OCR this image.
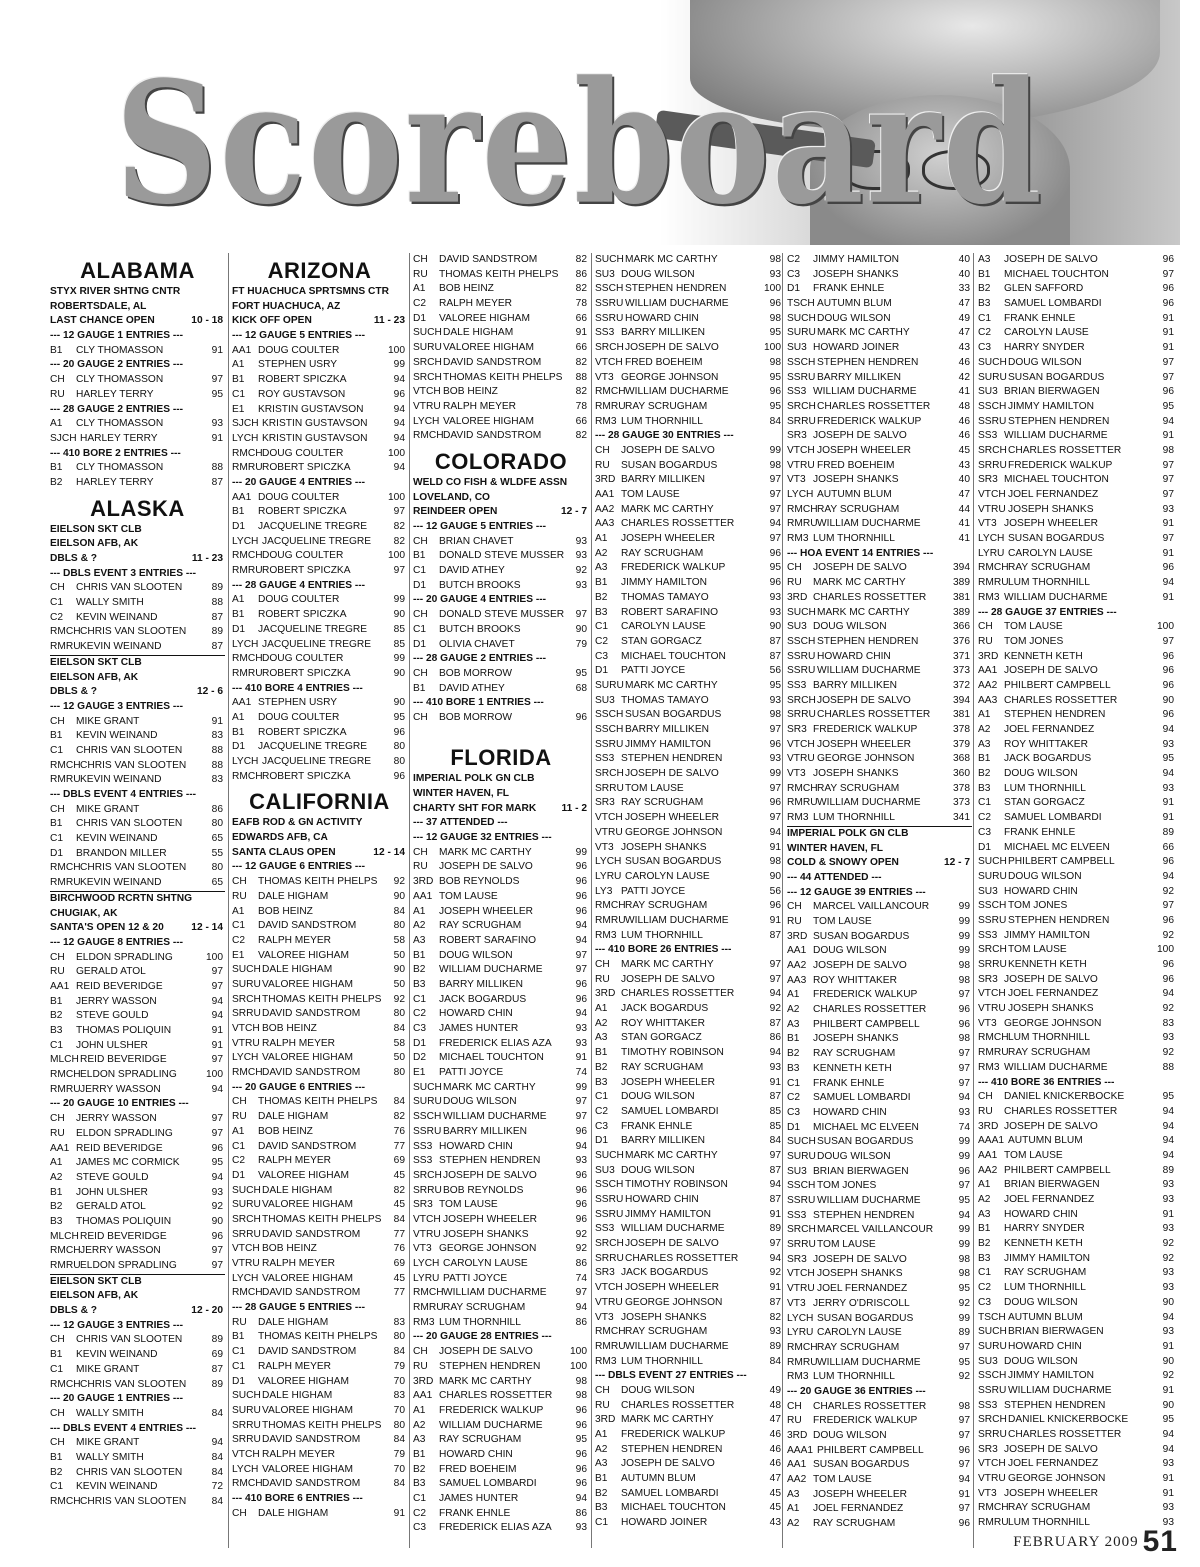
Scoreboard
ALABAMA
STYX RIVER SHTNG CNTR
ROBERTSDALE, AL
LAST CHANCE OPEN	10 - 18
--- 12 GAUGE 1 ENTRIES ---
B1 CLY THOMASSON	91
--- 20 GAUGE 2 ENTRIES ---
CH CLY THOMASSON	97
RU HARLEY TERRY	95
--- 28 GAUGE 2 ENTRIES ---
A1 CLY THOMASSON	93
SJCH HARLEY TERRY	91
--- 410 BORE 2 ENTRIES ---
B1 CLY THOMASSON	88
B2 HARLEY TERRY	87
ALASKA
EIELSON SKT CLB
EIELSON AFB, AK
DBLS & ?	11 - 23
--- DBLS EVENT 3 ENTRIES ---
CH CHRIS VAN SLOOTEN	89
C1 WALLY SMITH	88
C2 KEVIN WEINAND	87
RMCHCHRIS VAN SLOOTEN 89
RMRUKEVIN WEINAND	87
EIELSON SKT CLB
EIELSON AFB, AK
DBLS & ?	12 - 6
--- 12 GAUGE 3 ENTRIES ---
CH MIKE GRANT	91
B1 KEVIN WEINAND	83
C1 CHRIS VAN SLOOTEN	88
RMCHCHRIS VAN SLOOTEN 88
RMRUKEVIN WEINAND	83
--- DBLS EVENT 4 ENTRIES ---
CH MIKE GRANT	86
B1 CHRIS VAN SLOOTEN	80
C1 KEVIN WEINAND	65
D1 BRANDON MILLER	55
RMCHCHRIS VAN SLOOTEN 80
RMRUKEVIN WEINAND	65
BIRCHWOOD RCRTN SHTNG
CHUGIAK, AK
SANTA'S OPEN 12 & 20	12 - 14
--- 12 GAUGE 8 ENTRIES ---
CH ELDON SPRADLING	100
RU GERALD ATOL	97
AA1 REID BEVERIDGE	97
B1 JERRY WASSON	94
B2 STEVE GOULD	94
B3 THOMAS POLIQUIN	91
C1 JOHN ULSHER	91
MLCHREID BEVERIDGE	97
RMCHELDON SPRADLING	100
RMRUJERRY WASSON	94
--- 20 GAUGE 10 ENTRIES ---
CH JERRY WASSON	97
RU ELDON SPRADLING	97
AA1 REID BEVERIDGE	96
A1 JAMES MC CORMICK	95
A2 STEVE GOULD	94
B1 JOHN ULSHER	93
B2 GERALD ATOL	92
B3 THOMAS POLIQUIN	90
MLCHREID BEVERIDGE	96
RMCHJERRY WASSON	97
RMRUELDON SPRADLING	97
EIELSON SKT CLB
EIELSON AFB, AK
DBLS & ?	12 - 20
--- 12 GAUGE 3 ENTRIES ---
CH CHRIS VAN SLOOTEN	89
B1 KEVIN WEINAND	69
C1 MIKE GRANT	87
RMCHCHRIS VAN SLOOTEN 89
--- 20 GAUGE 1 ENTRIES ---
CH WALLY SMITH	84
--- DBLS EVENT 4 ENTRIES ---
CH MIKE GRANT	94
B1 WALLY SMITH	84
B2 CHRIS VAN SLOOTEN	84
C1 KEVIN WEINAND	72
RMCHCHRIS VAN SLOOTEN 84
ARIZONA
FT HUACHUCA SPRTSMNS CTR
FORT HUACHUCA, AZ
KICK OFF OPEN	11 - 23
--- 12 GAUGE 5 ENTRIES ---
AA1 DOUG COULTER	100
A1 STEPHEN USRY	99
B1 ROBERT SPICZKA	94
C1 ROY GUSTAVSON	96
E1 KRISTIN GUSTAVSON	94
SJCH KRISTIN GUSTAVSON	94
LYCH KRISTIN GUSTAVSON	94
RMCHDOUG COULTER	100
RMRUROBERT SPICZKA	94
--- 20 GAUGE 4 ENTRIES ---
AA1 DOUG COULTER	100
B1 ROBERT SPICZKA	97
D1 JACQUELINE TREGRE	82
LYCH JACQUELINE TREGRE 82
RMCHDOUG COULTER	100
RMRUROBERT SPICZKA	97
--- 28 GAUGE 4 ENTRIES ---
A1 DOUG COULTER	99
B1 ROBERT SPICZKA	90
D1 JACQUELINE TREGRE	85
LYCH JACQUELINE TREGRE 85
RMCHDOUG COULTER	99
RMRUROBERT SPICZKA	90
--- 410 BORE 4 ENTRIES ---
AA1 STEPHEN USRY	90
A1 DOUG COULTER	95
B1 ROBERT SPICZKA	96
D1 JACQUELINE TREGRE	80
LYCH JACQUELINE TREGRE 80
RMCHROBERT SPICZKA	96
CALIFORNIA
EAFB ROD & GN ACTIVITY
EDWARDS AFB, CA
SANTA CLAUS OPEN	12 - 14
--- 12 GAUGE 6 ENTRIES ---
CH THOMAS KEITH PHELPS 92
RU DALE HIGHAM	90
A1 BOB HEINZ	84
C1 DAVID SANDSTROM	80
C2 RALPH MEYER	58
E1 VALOREE HIGHAM	50
SUCHDALE HIGHAM	90
SURUVALOREE HIGHAM	50
SRCHTHOMAS KEITH PHELPS 92
SRRUDAVID SANDSTROM	80
VTCH BOB HEINZ	84
VTRU RALPH MEYER	58
LYCH VALOREE HIGHAM	50
RMCHDAVID SANDSTROM	80
--- 20 GAUGE 6 ENTRIES ---
CH THOMAS KEITH PHELPS 84
RU DALE HIGHAM	82
A1 BOB HEINZ	76
C1 DAVID SANDSTROM	77
C2 RALPH MEYER	69
D1 VALOREE HIGHAM	45
SUCHDALE HIGHAM	82
SURUVALOREE HIGHAM	45
SRCHTHOMAS KEITH PHELPS 84
SRRUDAVID SANDSTROM	77
VTCH BOB HEINZ	76
VTRU RALPH MEYER	69
LYCH VALOREE HIGHAM	45
RMCHDAVID SANDSTROM	77
--- 28 GAUGE 5 ENTRIES ---
RU DALE HIGHAM	83
B1 THOMAS KEITH PHELPS 80
C1 DAVID SANDSTROM	84
C1 RALPH MEYER	79
D1 VALOREE HIGHAM	70
SUCHDALE HIGHAM	83
SURUVALOREE HIGHAM	70
SRRUTHOMAS KEITH PHELPS 80
SRRUDAVID SANDSTROM	84
VTCH RALPH MEYER	79
LYCH VALOREE HIGHAM	70
RMCHDAVID SANDSTROM	84
--- 410 BORE 6 ENTRIES ---
CH DALE HIGHAM	91
CH DAVID SANDSTROM	82
RU THOMAS KEITH PHELPS 86
A1 BOB HEINZ	82
C2 RALPH MEYER	78
D1 VALOREE HIGHAM	66
SUCHDALE HIGHAM	91
SURUVALOREE HIGHAM	66
SRCHDAVID SANDSTROM	82
SRCHTHOMAS KEITH PHELPS 88
VTCH BOB HEINZ	82
VTRU RALPH MEYER	78
LYCH VALOREE HIGHAM	66
RMCHDAVID SANDSTROM	82
COLORADO
WELD CO FISH & WLDFE ASSN
LOVELAND, CO
REINDEER OPEN	12 - 7
--- 12 GAUGE 5 ENTRIES ---
CH BRIAN CHAVET	93
B1 DONALD STEVE MUSSER 93
C1 DAVID ATHEY	92
D1 BUTCH BROOKS	93
--- 20 GAUGE 4 ENTRIES ---
CH DONALD STEVE MUSSER 97
C1 BUTCH BROOKS	90
D1 OLIVIA CHAVET	79
--- 28 GAUGE 2 ENTRIES ---
CH BOB MORROW	95
B1 DAVID ATHEY	68
--- 410 BORE 1 ENTRIES ---
CH BOB MORROW	96
FLORIDA
IMPERIAL POLK GN CLB
WINTER HAVEN, FL
CHARTY SHT FOR MARK 11 - 2
--- 37 ATTENDED ---
--- 12 GAUGE 32 ENTRIES ---
CH MARK MC CARTHY	99
RU JOSEPH DE SALVO	96
3RD BOB REYNOLDS	96
AA1 TOM LAUSE	96
A1 JOSEPH WHEELER	96
A2 RAY SCRUGHAM	94
A3 ROBERT SARAFINO	94
B1 DOUG WILSON	97
B2 WILLIAM DUCHARME	97
B3 BARRY MILLIKEN	96
C1 JACK BOGARDUS	96
C2 HOWARD CHIN	94
C3 JAMES HUNTER	93
D1 FREDERICK ELIAS AZA 93
D2 MICHAEL TOUCHTON	91
E1 PATTI JOYCE	74
SUCHMARK MC CARTHY	99
SURUDOUG WILSON	97
SSCH WILLIAM DUCHARME	97
SSRU BARRY MILLIKEN	96
SS3 HOWARD CHIN	94
SS3 STEPHEN HENDREN	93
SRCHJOSEPH DE SALVO	96
SRRUBOB REYNOLDS	96
SR3 TOM LAUSE	96
VTCH JOSEPH WHEELER	96
VTRU JOSEPH SHANKS	92
VT3 GEORGE JOHNSON	92
LYCH CAROLYN LAUSE	86
LYRU PATTI JOYCE	74
RMCHWILLIAM DUCHARME	97
RMRURAY SCRUGHAM	94
RM3 LUM THORNHILL	86
--- 20 GAUGE 28 ENTRIES ---
CH JOSEPH DE SALVO	100
RU STEPHEN HENDREN	100
3RD MARK MC CARTHY	98
AA1 CHARLES ROSSETTER 98
A1 FREDERICK WALKUP	96
A2 WILLIAM DUCHARME	96
A3 RAY SCRUGHAM	95
B1 HOWARD CHIN	96
B2 FRED BOEHEIM	96
B3 SAMUEL LOMBARDI	96
C1 JAMES HUNTER	94
C2 FRANK EHNLE	86
C3 FREDERICK ELIAS AZA 93
SUCHMARK MC CARTHY	98
SU3 DOUG WILSON	93
SSCH STEPHEN HENDREN	100
SSRU WILLIAM DUCHARME	96
SSRU HOWARD CHIN	98
SS3 BARRY MILLIKEN	95
SRCHJOSEPH DE SALVO	100
VTCH FRED BOEHEIM	98
VT3 GEORGE JOHNSON	95
RMCHWILLIAM DUCHARME	96
RMRURAY SCRUGHAM	95
RM3 LUM THORNHILL	84
--- 28 GAUGE 30 ENTRIES ---
CH JOSEPH DE SALVO	99
RU SUSAN BOGARDUS	98
3RD BARRY MILLIKEN	97
AA1 TOM LAUSE	97
AA2 MARK MC CARTHY	97
AA3 CHARLES ROSSETTER	94
A1 JOSEPH WHEELER	97
A2 RAY SCRUGHAM	96
A3 FREDERICK WALKUP	95
B1 JIMMY HAMILTON	96
B2 THOMAS TAMAYO	93
B3 ROBERT SARAFINO	93
C1 CAROLYN LAUSE	90
C2 STAN GORGACZ	87
C3 MICHAEL TOUCHTON	87
D1 PATTI JOYCE	56
SURUMARK MC CARTHY	95
SU3 THOMAS TAMAYO	93
SSCH SUSAN BOGARDUS	98
SSCH BARRY MILLIKEN	97
SSRU JIMMY HAMILTON	96
SS3 STEPHEN HENDREN	93
SRCHJOSEPH DE SALVO	99
SRRUTOM LAUSE	97
SR3 RAY SCRUGHAM	96
VTCH JOSEPH WHEELER	97
VTRU GEORGE JOHNSON	94
VT3 JOSEPH SHANKS	91
LYCH SUSAN BOGARDUS	98
LYRU CAROLYN LAUSE	90
LY3 PATTI JOYCE	56
RMCHRAY SCRUGHAM	96
RMRUWILLIAM DUCHARME	91
RM3 LUM THORNHILL	87
--- 410 BORE 26 ENTRIES ---
CH MARK MC CARTHY	97
RU JOSEPH DE SALVO	97
3RD CHARLES ROSSETTER	94
A1 JACK BOGARDUS	92
A2 ROY WHITTAKER	87
A3 STAN GORGACZ	86
B1 TIMOTHY ROBINSON	94
B2 RAY SCRUGHAM	93
B3 JOSEPH WHEELER	91
C1 DOUG WILSON	87
C2 SAMUEL LOMBARDI	85
C3 FRANK EHNLE	85
D1 BARRY MILLIKEN	84
SUCHMARK MC CARTHY	97
SU3 DOUG WILSON	87
SSCH TIMOTHY ROBINSON	94
SSRU HOWARD CHIN	87
SSRU JIMMY HAMILTON	91
SS3 WILLIAM DUCHARME	89
SRCHJOSEPH DE SALVO	97
SRRUCHARLES ROSSETTER	94
SR3 JACK BOGARDUS	92
VTCH JOSEPH WHEELER	91
VTRU GEORGE JOHNSON	87
VT3 JOSEPH SHANKS	82
RMCHRAY SCRUGHAM	93
RMRUWILLIAM DUCHARME	89
RM3 LUM THORNHILL	84
--- DBLS EVENT 27 ENTRIES ---
CH DOUG WILSON	49
RU CHARLES ROSSETTER	48
3RD MARK MC CARTHY	47
A1 FREDERICK WALKUP	46
A2 STEPHEN HENDREN	46
A3 JOSEPH DE SALVO	46
B1 AUTUMN BLUM	47
B2 SAMUEL LOMBARDI	45
B3 MICHAEL TOUCHTON	45
C1 HOWARD JOINER	43
C2 JIMMY HAMILTON	40
C3 JOSEPH SHANKS	40
D1 FRANK EHNLE	33
TSCH AUTUMN BLUM	47
SUCHDOUG WILSON	49
SURUMARK MC CARTHY	47
SU3 HOWARD JOINER	43
SSCH STEPHEN HENDREN	46
SSRU BARRY MILLIKEN	42
SS3 WILLIAM DUCHARME	41
SRCHCHARLES ROSSETTER	48
SRRUFREDERICK WALKUP	46
SR3 JOSEPH DE SALVO	46
VTCH JOSEPH WHEELER	45
VTRU FRED BOEHEIM	43
VT3 JOSEPH SHANKS	40
LYCH AUTUMN BLUM	47
RMCHRAY SCRUGHAM	44
RMRUWILLIAM DUCHARME	41
RM3 LUM THORNHILL	41
--- HOA EVENT 14 ENTRIES ---
CH JOSEPH DE SALVO	394
RU MARK MC CARTHY	389
3RD CHARLES ROSSETTER	381
SUCHMARK MC CARTHY	389
SU3 DOUG WILSON	366
SSCH STEPHEN HENDREN	376
SSRU HOWARD CHIN	371
SSRU WILLIAM DUCHARME	373
SS3 BARRY MILLIKEN	372
SRCHJOSEPH DE SALVO	394
SRRUCHARLES ROSSETTER 381
SR3 FREDERICK WALKUP	378
VTCH JOSEPH WHEELER	379
VTRU GEORGE JOHNSON	368
VT3 JOSEPH SHANKS	360
RMCHRAY SCRUGHAM	378
RMRUWILLIAM DUCHARME	373
RM3 LUM THORNHILL	341
IMPERIAL POLK GN CLB
WINTER HAVEN, FL
COLD & SNOWY OPEN	12 - 7
--- 44 ATTENDED ---
--- 12 GAUGE 39 ENTRIES ---
CH MARCEL VAILLANCOUR	99
RU TOM LAUSE	99
3RD SUSAN BOGARDUS	99
AA1 DOUG WILSON	99
AA2 JOSEPH DE SALVO	98
AA3 ROY WHITTAKER	98
A1 FREDERICK WALKUP	97
A2 CHARLES ROSSETTER	96
A3 PHILBERT CAMPBELL	96
B1 JOSEPH SHANKS	98
B2 RAY SCRUGHAM	97
B3 KENNETH KETH	97
C1 FRANK EHNLE	97
C2 SAMUEL LOMBARDI	94
C3 HOWARD CHIN	93
D1 MICHAEL MC ELVEEN	74
SUCHSUSAN BOGARDUS	99
SURUDOUG WILSON	99
SU3 BRIAN BIERWAGEN	96
SSCH TOM JONES	97
SSRU WILLIAM DUCHARME	95
SS3 STEPHEN HENDREN	94
SRCHMARCEL VAILLANCOUR	99
SRRUTOM LAUSE	99
SR3 JOSEPH DE SALVO	98
VTCH JOSEPH SHANKS	98
VTRU JOEL FERNANDEZ	95
VT3 JERRY O'DRISCOLL	92
LYCH SUSAN BOGARDUS	99
LYRU CAROLYN LAUSE	89
RMCHRAY SCRUGHAM	97
RMRUWILLIAM DUCHARME	95
RM3 LUM THORNHILL	92
--- 20 GAUGE 36 ENTRIES ---
CH CHARLES ROSSETTER	98
RU FREDERICK WALKUP	97
3RD DOUG WILSON	97
AAA1 PHILBERT CAMPBELL	96
AA1 SUSAN BOGARDUS	97
AA2 TOM LAUSE	94
A3 JOSEPH WHEELER	91
A1 JOEL FERNANDEZ	97
A2 RAY SCRUGHAM	96
A3 JOSEPH DE SALVO	96
B1 MICHAEL TOUCHTON	97
B2 GLEN SAFFORD	96
B3 SAMUEL LOMBARDI	96
C1 FRANK EHNLE	91
C2 CAROLYN LAUSE	91
C3 HARRY SNYDER	91
SUCHDOUG WILSON	97
SURUSUSAN BOGARDUS	97
SU3 BRIAN BIERWAGEN	96
SSCH JIMMY HAMILTON	95
SSRU STEPHEN HENDREN	94
SS3 WILLIAM DUCHARME	91
SRCHCHARLES ROSSETTER	98
SRRUFREDERICK WALKUP	97
SR3 MICHAEL TOUCHTON	97
VTCH JOEL FERNANDEZ	97
VTRU JOSEPH SHANKS	93
VT3 JOSEPH WHEELER	91
LYCH SUSAN BOGARDUS	97
LYRU CAROLYN LAUSE	91
RMCHRAY SCRUGHAM	96
RMRULUM THORNHILL	94
RM3 WILLIAM DUCHARME	91
--- 28 GAUGE 37 ENTRIES ---
CH TOM LAUSE	100
RU TOM JONES	97
3RD KENNETH KETH	96
AA1 JOSEPH DE SALVO	96
AA2 PHILBERT CAMPBELL	96
AA3 CHARLES ROSSETTER	90
A1 STEPHEN HENDREN	96
A2 JOEL FERNANDEZ	94
A3 ROY WHITTAKER	93
B1 JACK BOGARDUS	95
B2 DOUG WILSON	94
B3 LUM THORNHILL	93
C1 STAN GORGACZ	91
C2 SAMUEL LOMBARDI	91
C3 FRANK EHNLE	89
D1 MICHAEL MC ELVEEN	66
SUCHPHILBERT CAMPBELL	96
SURUDOUG WILSON	94
SU3 HOWARD CHIN	92
SSCH TOM JONES	97
SSRU STEPHEN HENDREN	96
SS3 JIMMY HAMILTON	92
SRCHTOM LAUSE	100
SRRUKENNETH KETH	96
SR3 JOSEPH DE SALVO	96
VTCH JOEL FERNANDEZ	94
VTRU JOSEPH SHANKS	92
VT3 GEORGE JOHNSON	83
RMCHLUM THORNHILL	93
RMRURAY SCRUGHAM	92
RM3 WILLIAM DUCHARME	88
--- 410 BORE 36 ENTRIES ---
CH DANIEL KNICKERBOCKE	95
RU CHARLES ROSSETTER	94
3RD JOSEPH DE SALVO	94
AAA1 AUTUMN BLUM	94
AA1 TOM LAUSE	94
AA2 PHILBERT CAMPBELL	89
A1 BRIAN BIERWAGEN	93
A2 JOEL FERNANDEZ	93
A3 HOWARD CHIN	91
B1 HARRY SNYDER	93
B2 KENNETH KETH	92
B3 JIMMY HAMILTON	92
C1 RAY SCRUGHAM	93
C2 LUM THORNHILL	93
C3 DOUG WILSON	90
TSCH AUTUMN BLUM	94
SUCHBRIAN BIERWAGEN	93
SURUHOWARD CHIN	91
SU3 DOUG WILSON	90
SSCH JIMMY HAMILTON	92
SSRU WILLIAM DUCHARME	91
SS3 STEPHEN HENDREN	90
SRCHDANIEL KNICKERBOCKE	95
SRRUCHARLES ROSSETTER	94
SR3 JOSEPH DE SALVO	94
VTCH JOEL FERNANDEZ	93
VTRU GEORGE JOHNSON	91
VT3 JOSEPH WHEELER	91
RMCHRAY SCRUGHAM	93
RMRULUM THORNHILL	93
FEBRUARY 2009 51
